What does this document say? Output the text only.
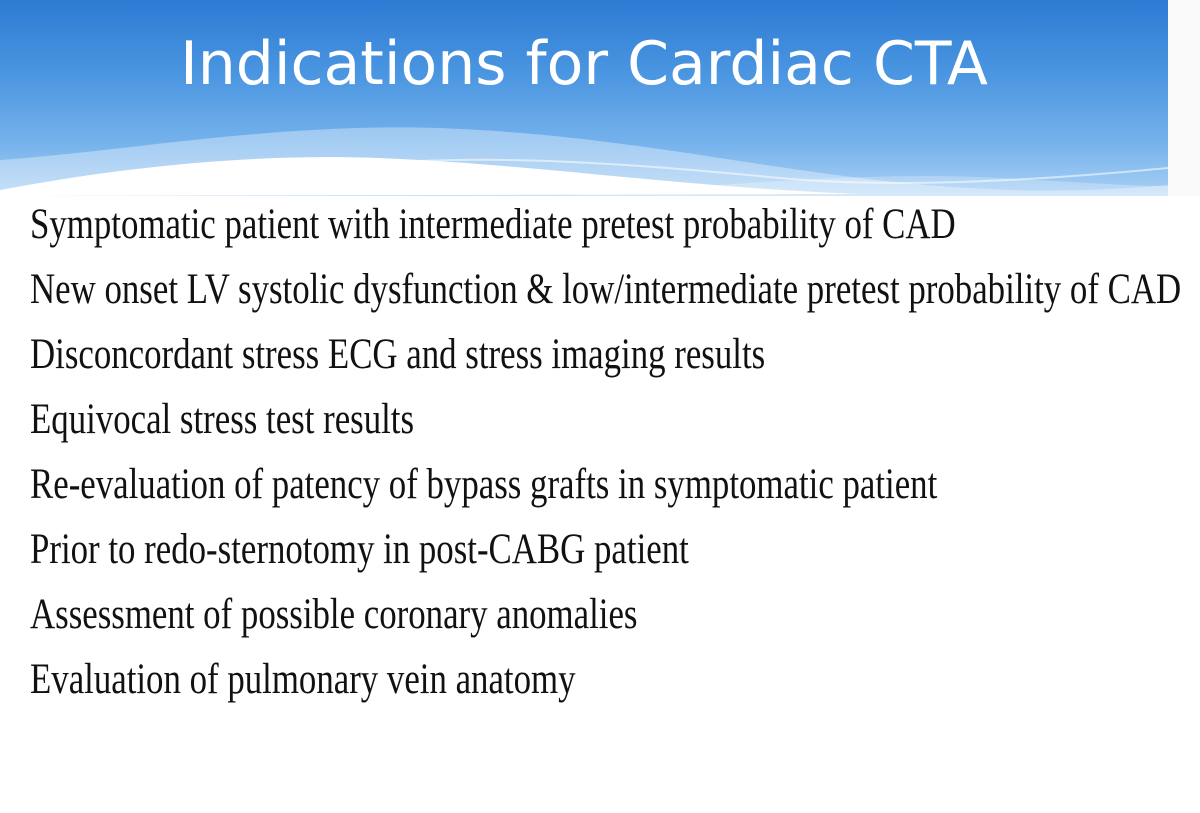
Indications for Cardiac CTA
Symptomatic patient with intermediate pretest probability of CAD
New onset LV systolic dysfunction & low/intermediate pretest probability of CAD
Disconcordant stress ECG and stress imaging results
Equivocal stress test results
Re-evaluation of patency of bypass grafts in symptomatic patient
Prior to redo-sternotomy in post-CABG patient
Assessment of possible coronary anomalies
Evaluation of pulmonary vein anatomy
